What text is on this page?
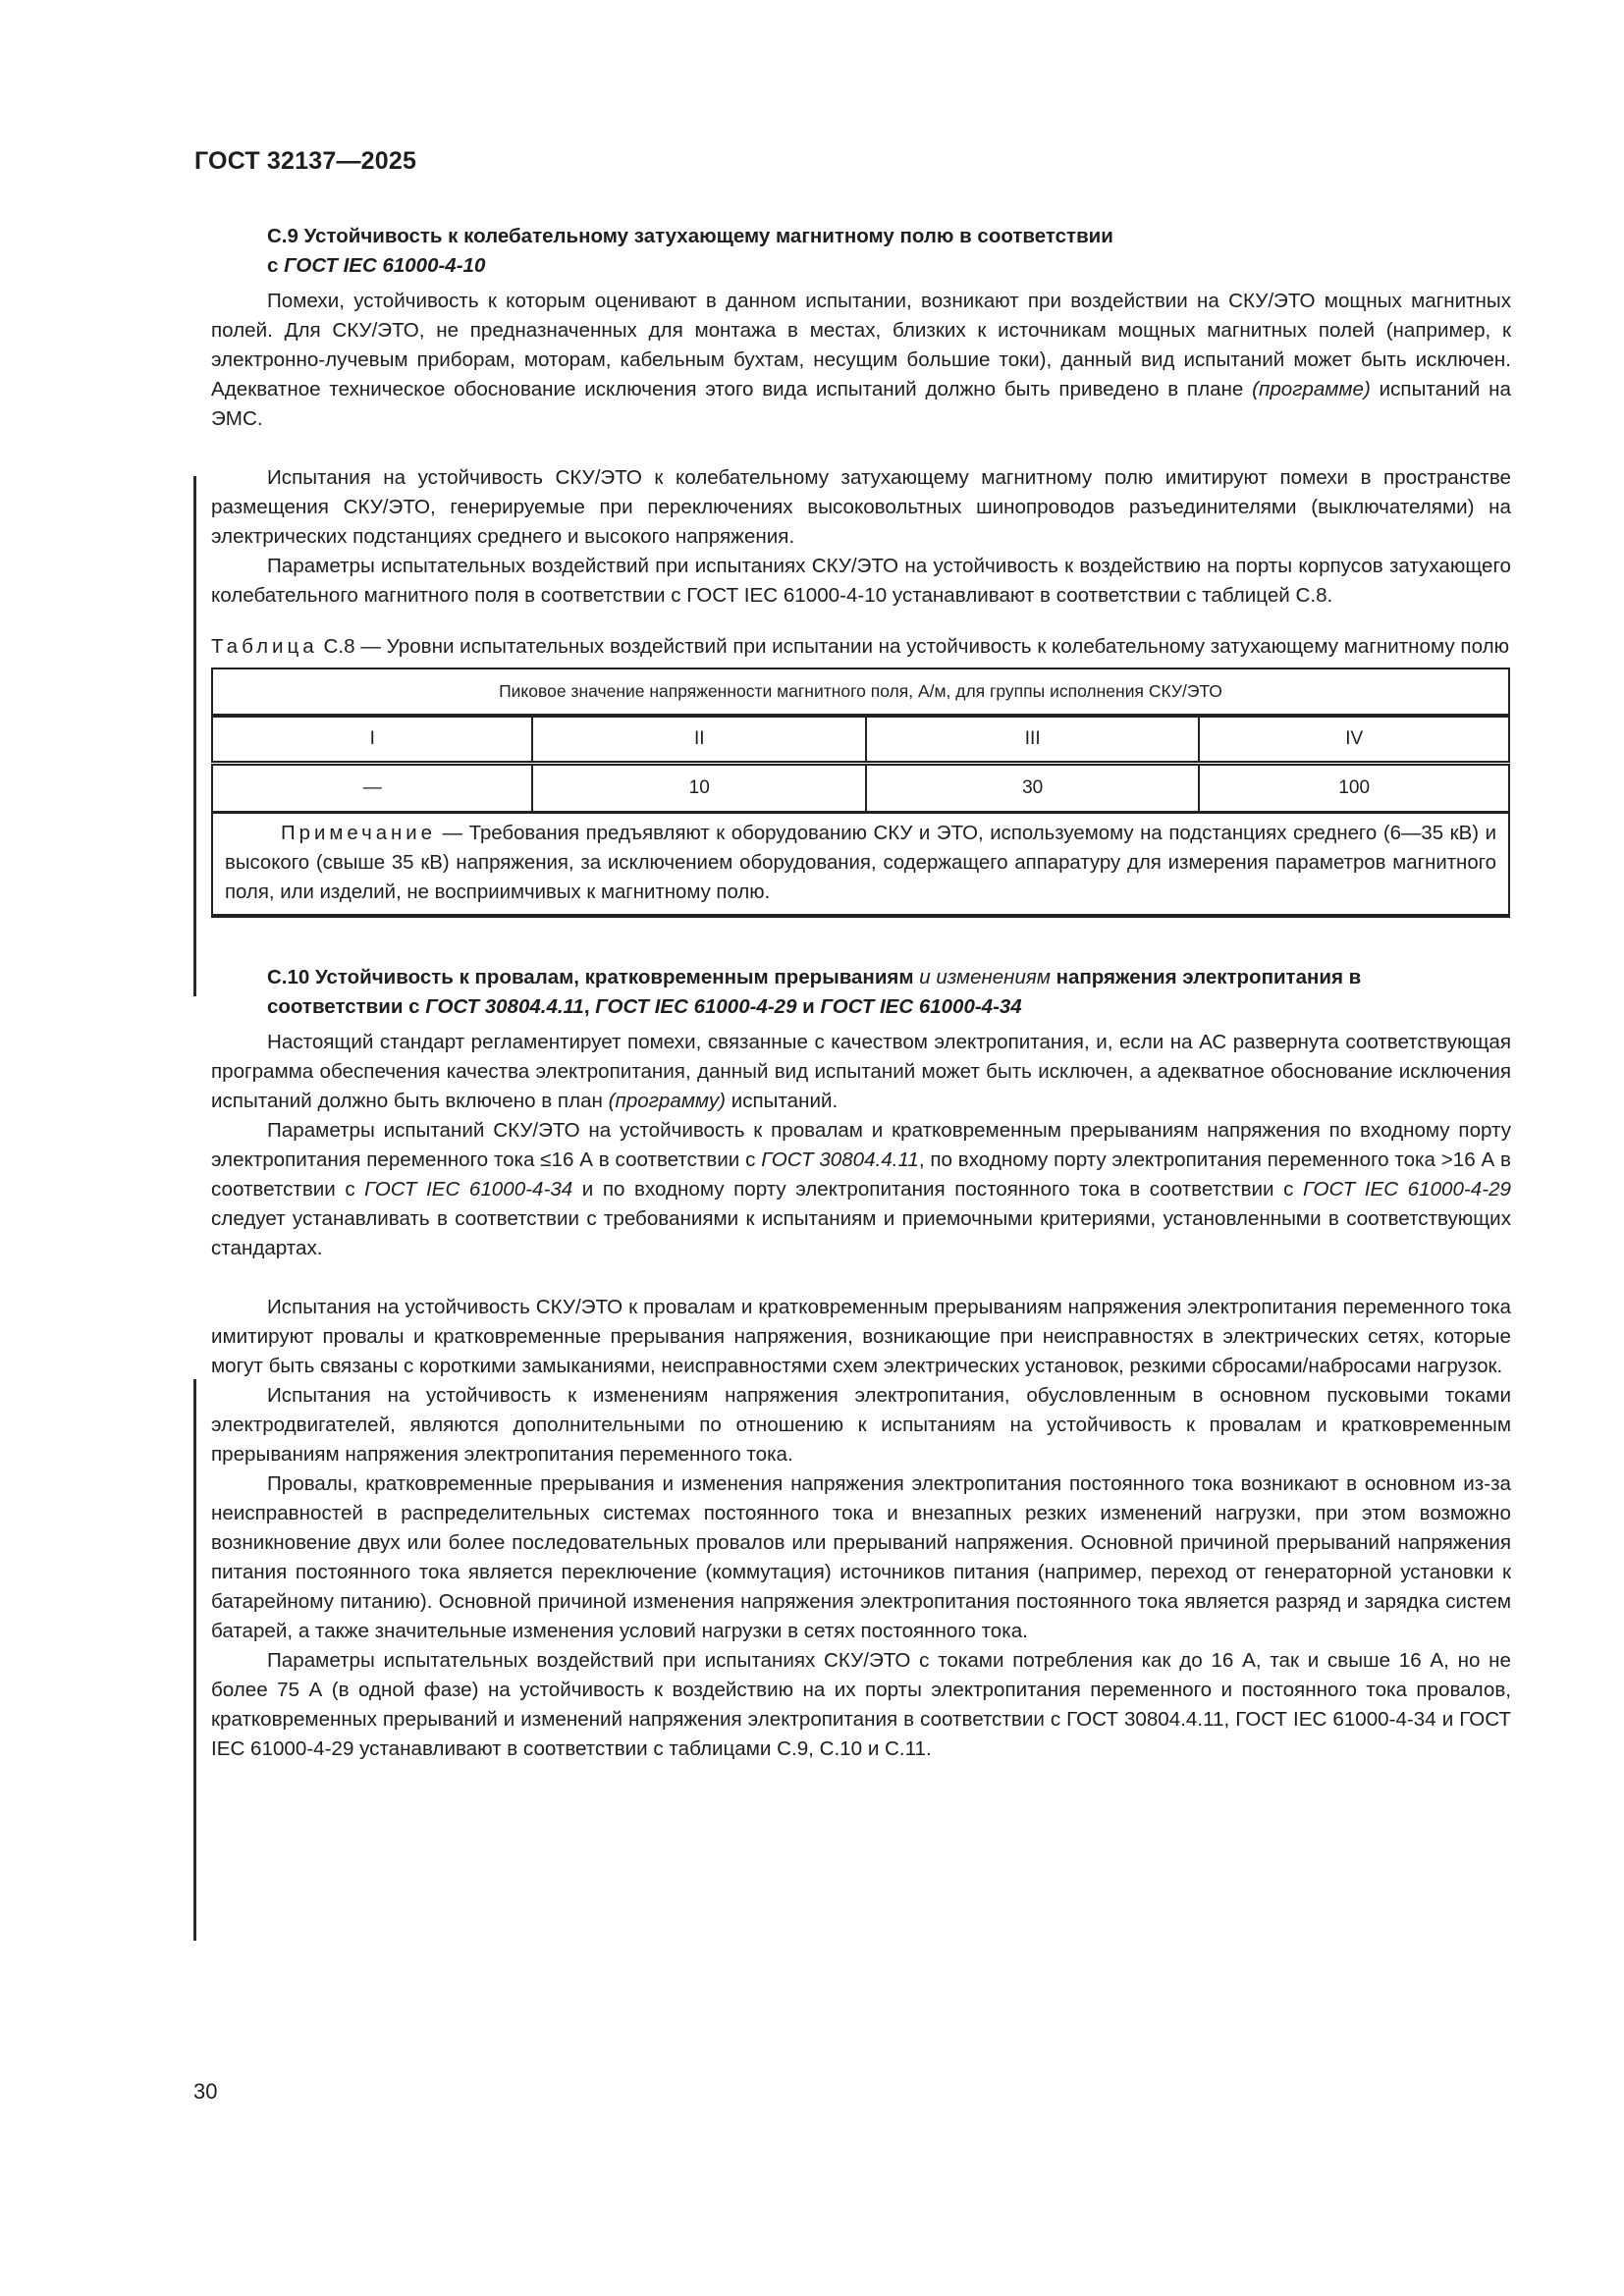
ГОСТ 32137—2025
С.9 Устойчивость к колебательному затухающему магнитному полю в соответствии
с ГОСТ IEC 61000-4-10

Помехи, устойчивость к которым оценивают в данном испытании, возникают при воздействии на СКУ/ЭТО мощных магнитных полей. Для СКУ/ЭТО, не предназначенных для монтажа в местах, близких к источникам мощных магнитных полей (например, к электронно-лучевым приборам, моторам, кабельным бухтам, несущим большие токи), данный вид испытаний может быть исключен. Адекватное техническое обоснование исключения этого вида испытаний должно быть приведено в плане (программе) испытаний на ЭМС.

Испытания на устойчивость СКУ/ЭТО к колебательному затухающему магнитному полю имитируют помехи в пространстве размещения СКУ/ЭТО, генерируемые при переключениях высоковольтных шинопроводов разъединителями (выключателями) на электрических подстанциях среднего и высокого напряжения.

Параметры испытательных воздействий при испытаниях СКУ/ЭТО на устойчивость к воздействию на порты корпусов затухающего колебательного магнитного поля в соответствии с ГОСТ IEC 61000-4-10 устанавливают в соответствии с таблицей С.8.

Таблица С.8 — Уровни испытательных воздействий при испытании на устойчивость к колебательному затухающему магнитному полю

Пиковое значение напряженности магнитного поля, А/м, для группы исполнения СКУ/ЭТО			
I	II	III	IV
—	10	30	100

Примечание — Требования предъявляют к оборудованию СКУ и ЭТО, используемому на подстанциях среднего (6—35 кВ) и высокого (свыше 35 кВ) напряжения, за исключением оборудования, содержащего аппаратуру для измерения параметров магнитного поля, или изделий, не восприимчивых к магнитному полю.			
С.10 Устойчивость к провалам, кратковременным прерываниям и изменениям напряжения электропитания в соответствии с ГОСТ 30804.4.11, ГОСТ IEC 61000-4-29 и ГОСТ IEC 61000-4-34

Настоящий стандарт регламентирует помехи, связанные с качеством электропитания, и, если на АС развернута соответствующая программа обеспечения качества электропитания, данный вид испытаний может быть исключен, а адекватное обоснование исключения испытаний должно быть включено в план (программу) испытаний.

Параметры испытаний СКУ/ЭТО на устойчивость к провалам и кратковременным прерываниям напряжения по входному порту электропитания переменного тока ≤16 А в соответствии с ГОСТ 30804.4.11, по входному порту электропитания переменного тока >16 А в соответствии с ГОСТ IEC 61000-4-34 и по входному порту электропитания постоянного тока в соответствии с ГОСТ IEC 61000-4-29 следует устанавливать в соответствии с требованиями к испытаниям и приемочными критериями, установленными в соответствующих стандартах.

Испытания на устойчивость СКУ/ЭТО к провалам и кратковременным прерываниям напряжения электропитания переменного тока имитируют провалы и кратковременные прерывания напряжения, возникающие при неисправностях в электрических сетях, которые могут быть связаны с короткими замыканиями, неисправностями схем электрических установок, резкими сбросами/набросами нагрузок.

Испытания на устойчивость к изменениям напряжения электропитания, обусловленным в основном пусковыми токами электродвигателей, являются дополнительными по отношению к испытаниям на устойчивость к провалам и кратковременным прерываниям напряжения электропитания переменного тока.

Провалы, кратковременные прерывания и изменения напряжения электропитания постоянного тока возникают в основном из-за неисправностей в распределительных системах постоянного тока и внезапных резких изменений нагрузки, при этом возможно возникновение двух или более последовательных провалов или прерываний напряжения. Основной причиной прерываний напряжения питания постоянного тока является переключение (коммутация) источников питания (например, переход от генераторной установки к батарейному питанию). Основной причиной изменения напряжения электропитания постоянного тока является разряд и зарядка систем батарей, а также значительные изменения условий нагрузки в сетях постоянного тока.

Параметры испытательных воздействий при испытаниях СКУ/ЭТО с токами потребления как до 16 А, так и свыше 16 А, но не более 75 А (в одной фазе) на устойчивость к воздействию на их порты электропитания переменного и постоянного тока провалов, кратковременных прерываний и изменений напряжения электропитания в соответствии с ГОСТ 30804.4.11, ГОСТ IEC 61000-4-34 и ГОСТ IEC 61000-4-29 устанавливают в соответствии с таблицами С.9, С.10 и С.11.

30
